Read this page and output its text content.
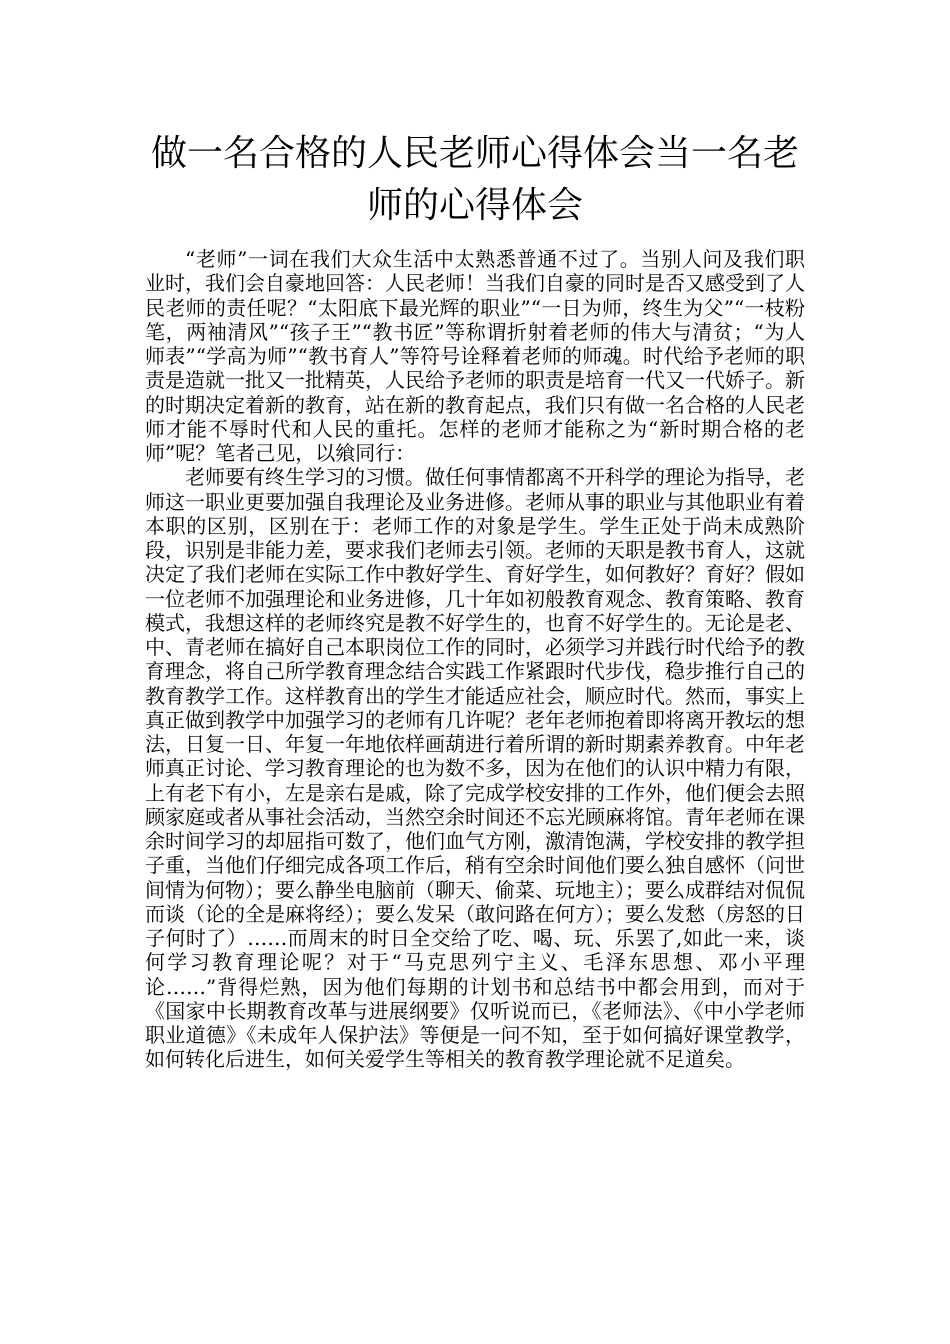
做一名合格的人民老师心得体会当一名老师的心得体会

“老师”一词在我们大众生活中太熟悉普通不过了。当别人问及我们职业时，我们会自豪地回答：人民老师！当我们自豪的同时是否又感受到了人民老师的责任呢？“太阳底下最光辉的职业”“一日为师，终生为父”“一枝粉笔，两袖清风”“孩子王”“教书匠”等称谓折射着老师的伟大与清贫；“为人师表”“学高为师”“教书育人”等符号诠释着老师的师魂。时代给予老师的职责是造就一批又一批精英，人民给予老师的职责是培育一代又一代娇子。新的时期决定着新的教育，站在新的教育起点，我们只有做一名合格的人民老师才能不辱时代和人民的重托。怎样的老师才能称之为“新时期合格的老师”呢？笔者己见，以飨同行：

老师要有终生学习的习惯。做任何事情都离不开科学的理论为指导，老师这一职业更要加强自我理论及业务进修。老师从事的职业与其他职业有着本职的区别，区别在于：老师工作的对象是学生。学生正处于尚未成熟阶段，识别是非能力差，要求我们老师去引领。老师的天职是教书育人，这就决定了我们老师在实际工作中教好学生、育好学生，如何教好？育好？假如一位老师不加强理论和业务进修，几十年如初般教育观念、教育策略、教育模式，我想这样的老师终究是教不好学生的，也育不好学生的。无论是老、中、青老师在搞好自己本职岗位工作的同时，必须学习并践行时代给予的教育理念，将自己所学教育理念结合实践工作紧跟时代步伐，稳步推行自己的教育教学工作。这样教育出的学生才能适应社会，顺应时代。然而，事实上真正做到教学中加强学习的老师有几许呢？老年老师抱着即将离开教坛的想法，日复一日、年复一年地依样画葫进行着所谓的新时期素养教育。中年老师真正讨论、学习教育理论的也为数不多，因为在他们的认识中精力有限，上有老下有小，左是亲右是戚，除了完成学校安排的工作外，他们便会去照顾家庭或者从事社会活动，当然空余时间还不忘光顾麻将馆。青年老师在课余时间学习的却屈指可数了，他们血气方刚，激清饱满，学校安排的教学担子重，当他们仔细完成各项工作后，稍有空余时间他们要么独自感怀（问世间情为何物）；要么静坐电脑前（聊天、偷菜、玩地主）；要么成群结对侃侃而谈（论的全是麻将经）；要么发呆（敢问路在何方）；要么发愁（房怒的日子何时了）……而周末的时日全交给了吃、喝、玩、乐罢了,如此一来，谈何学习教育理论呢？对于“马克思列宁主义、毛泽东思想、邓小平理论……”背得烂熟，因为他们每期的计划书和总结书中都会用到，而对于《国家中长期教育改革与进展纲要》仅听说而已，《老师法》、《中小学老师职业道德》《未成年人保护法》等便是一问不知，至于如何搞好课堂教学，如何转化后进生，如何关爱学生等相关的教育教学理论就不足道矣。
